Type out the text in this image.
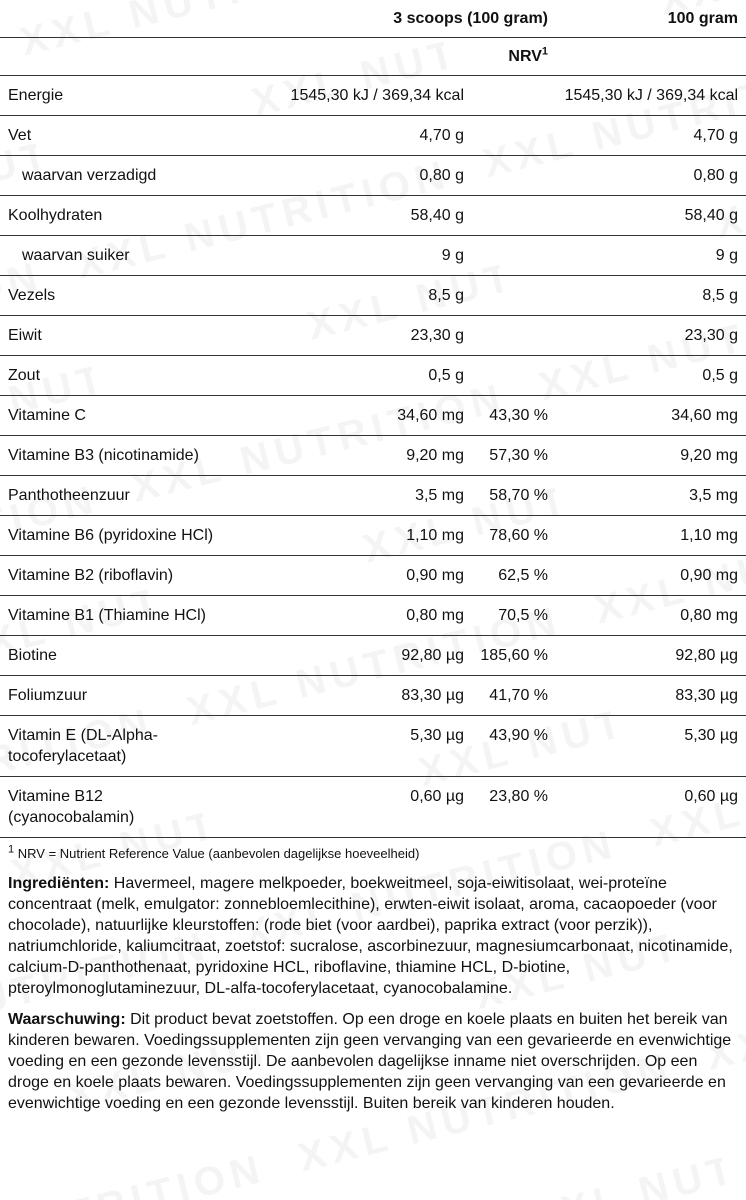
	3 scoops (100 gram)		100 gram
		NRV$^1$	
Energie	1545,30 kJ / 369,34 kcal		1545,30 kJ / 369,34 kcal
Vet	4,70 g		4,70 g
waarvan verzadigd	0,80 g		0,80 g
Koolhydraten	58,40 g		58,40 g
waarvan suiker	9 g		9 g
Vezels	8,5 g		8,5 g
Eiwit	23,30 g		23,30 g
Zout	0,5 g		0,5 g
Vitamine C	34,60 mg	43,30 %	34,60 mg
Vitamine B3 (nicotinamide)	9,20 mg	57,30 %	9,20 mg
Panthotheenzuur	3,5 mg	58,70 %	3,5 mg
Vitamine B6 (pyridoxine HCl)	1,10 mg	78,60 %	1,10 mg
Vitamine B2 (riboflavin)	0,90 mg	62,5 %	0,90 mg
Vitamine B1 (Thiamine HCl)	0,80 mg	70,5 %	0,80 mg
Biotine	92,80 µg	185,60 %	92,80 µg
Foliumzuur	83,30 µg	41,70 %	83,30 µg
Vitamin E (DL-Alpha-tocoferylacetaat)	5,30 µg	43,90 %	5,30 µg
Vitamine B12 (cyanocobalamin)	0,60 µg	23,80 %	0,60 µg
$^1$ NRV = Nutrient Reference Value (aanbevolen dagelijkse hoeveelheid)
Ingrediënten: Havermeel, magere melkpoeder, boekweitmeel, soja-eiwitisolaat, wei-proteïne concentraat (melk, emulgator: zonnebloemlecithine), erwten-eiwit isolaat, aroma, cacaopoeder (voor chocolade), natuurlijke kleurstoffen: (rode biet (voor aardbei), paprika extract (voor perzik)), natriumchloride, kaliumcitraat, zoetstof: sucralose, ascorbinezuur, magnesiumcarbonaat, nicotinamide, calcium-D-panthothenaat, pyridoxine HCL, riboflavine, thiamine HCL, D-biotine, pteroylmonoglutaminezuur, DL-alfa-tocoferylacetaat, cyanocobalamine.
Waarschuwing: Dit product bevat zoetstoffen. Op een droge en koele plaats en buiten het bereik van kinderen bewaren. Voedingssupplementen zijn geen vervanging van een gevarieerde en evenwichtige voeding en een gezonde levensstijl. De aanbevolen dagelijkse inname niet overschrijden. Op een droge en koele plaats bewaren. Voedingssupplementen zijn geen vervanging van een gevarieerde en evenwichtige voeding en een gezonde levensstijl. Buiten bereik van kinderen houden.
